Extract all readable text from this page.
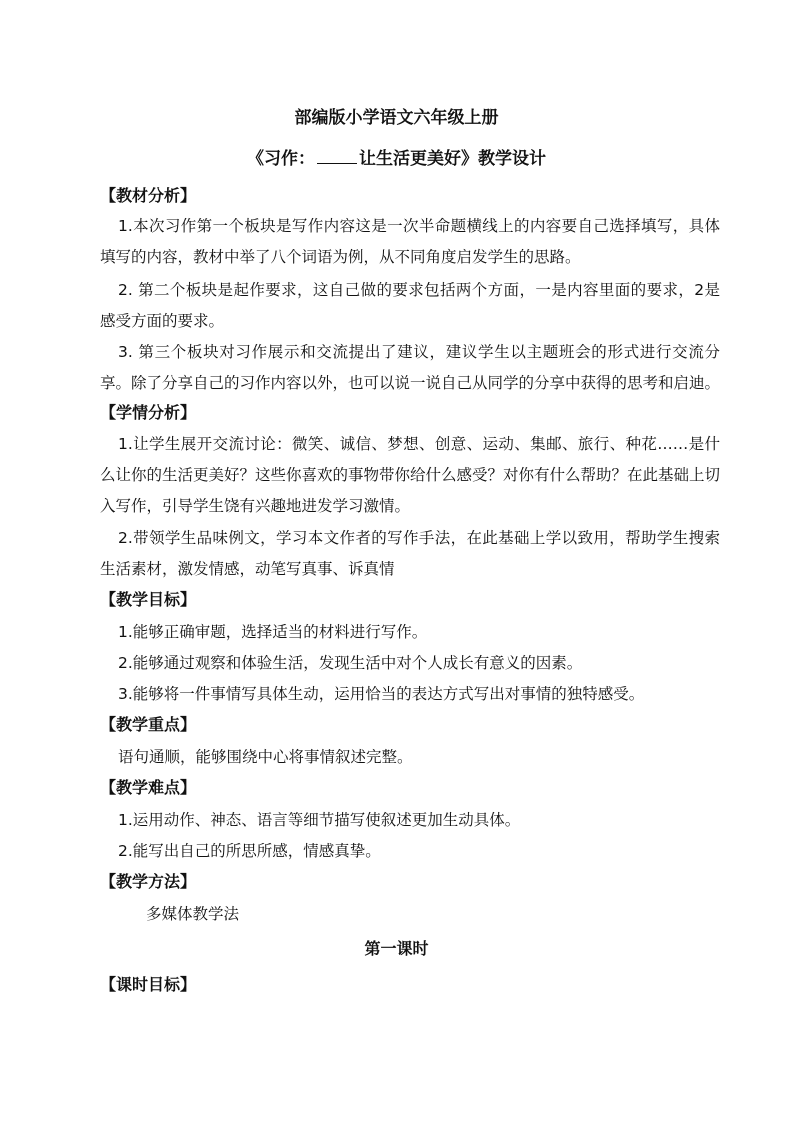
部编版小学语文六年级上册
《习作：	让生活更美好》教学设计
【教材分析】
1.本次习作第一个板块是写作内容这是一次半命题横线上的内容要自己选择填写，具体填写的内容，教材中举了八个词语为例，从不同角度启发学生的思路。
2. 第二个板块是起作要求，这自己做的要求包括两个方面，一是内容里面的要求，2是感受方面的要求。
3. 第三个板块对习作展示和交流提出了建议，建议学生以主题班会的形式进行交流分享。除了分享自己的习作内容以外，也可以说一说自己从同学的分享中获得的思考和启迪。
【学情分析】
1.让学生展开交流讨论：微笑、诚信、梦想、创意、运动、集邮、旅行、种花……是什么让你的生活更美好？这些你喜欢的事物带你给什么感受？对你有什么帮助？在此基础上切入写作，引导学生饶有兴趣地进发学习激情。
2.带领学生品味例文，学习本文作者的写作手法，在此基础上学以致用，帮助学生搜索生活素材，激发情感，动笔写真事、诉真情
【教学目标】
1.能够正确审题，选择适当的材料进行写作。
2.能够通过观察和体验生活，发现生活中对个人成长有意义的因素。
3.能够将一件事情写具体生动，运用恰当的表达方式写出对事情的独特感受。
【教学重点】
语句通顺，能够围绕中心将事情叙述完整。
【教学难点】
1.运用动作、神态、语言等细节描写使叙述更加生动具体。
2.能写出自己的所思所感，情感真挚。
【教学方法】
多媒体教学法
第一课时
【课时目标】
